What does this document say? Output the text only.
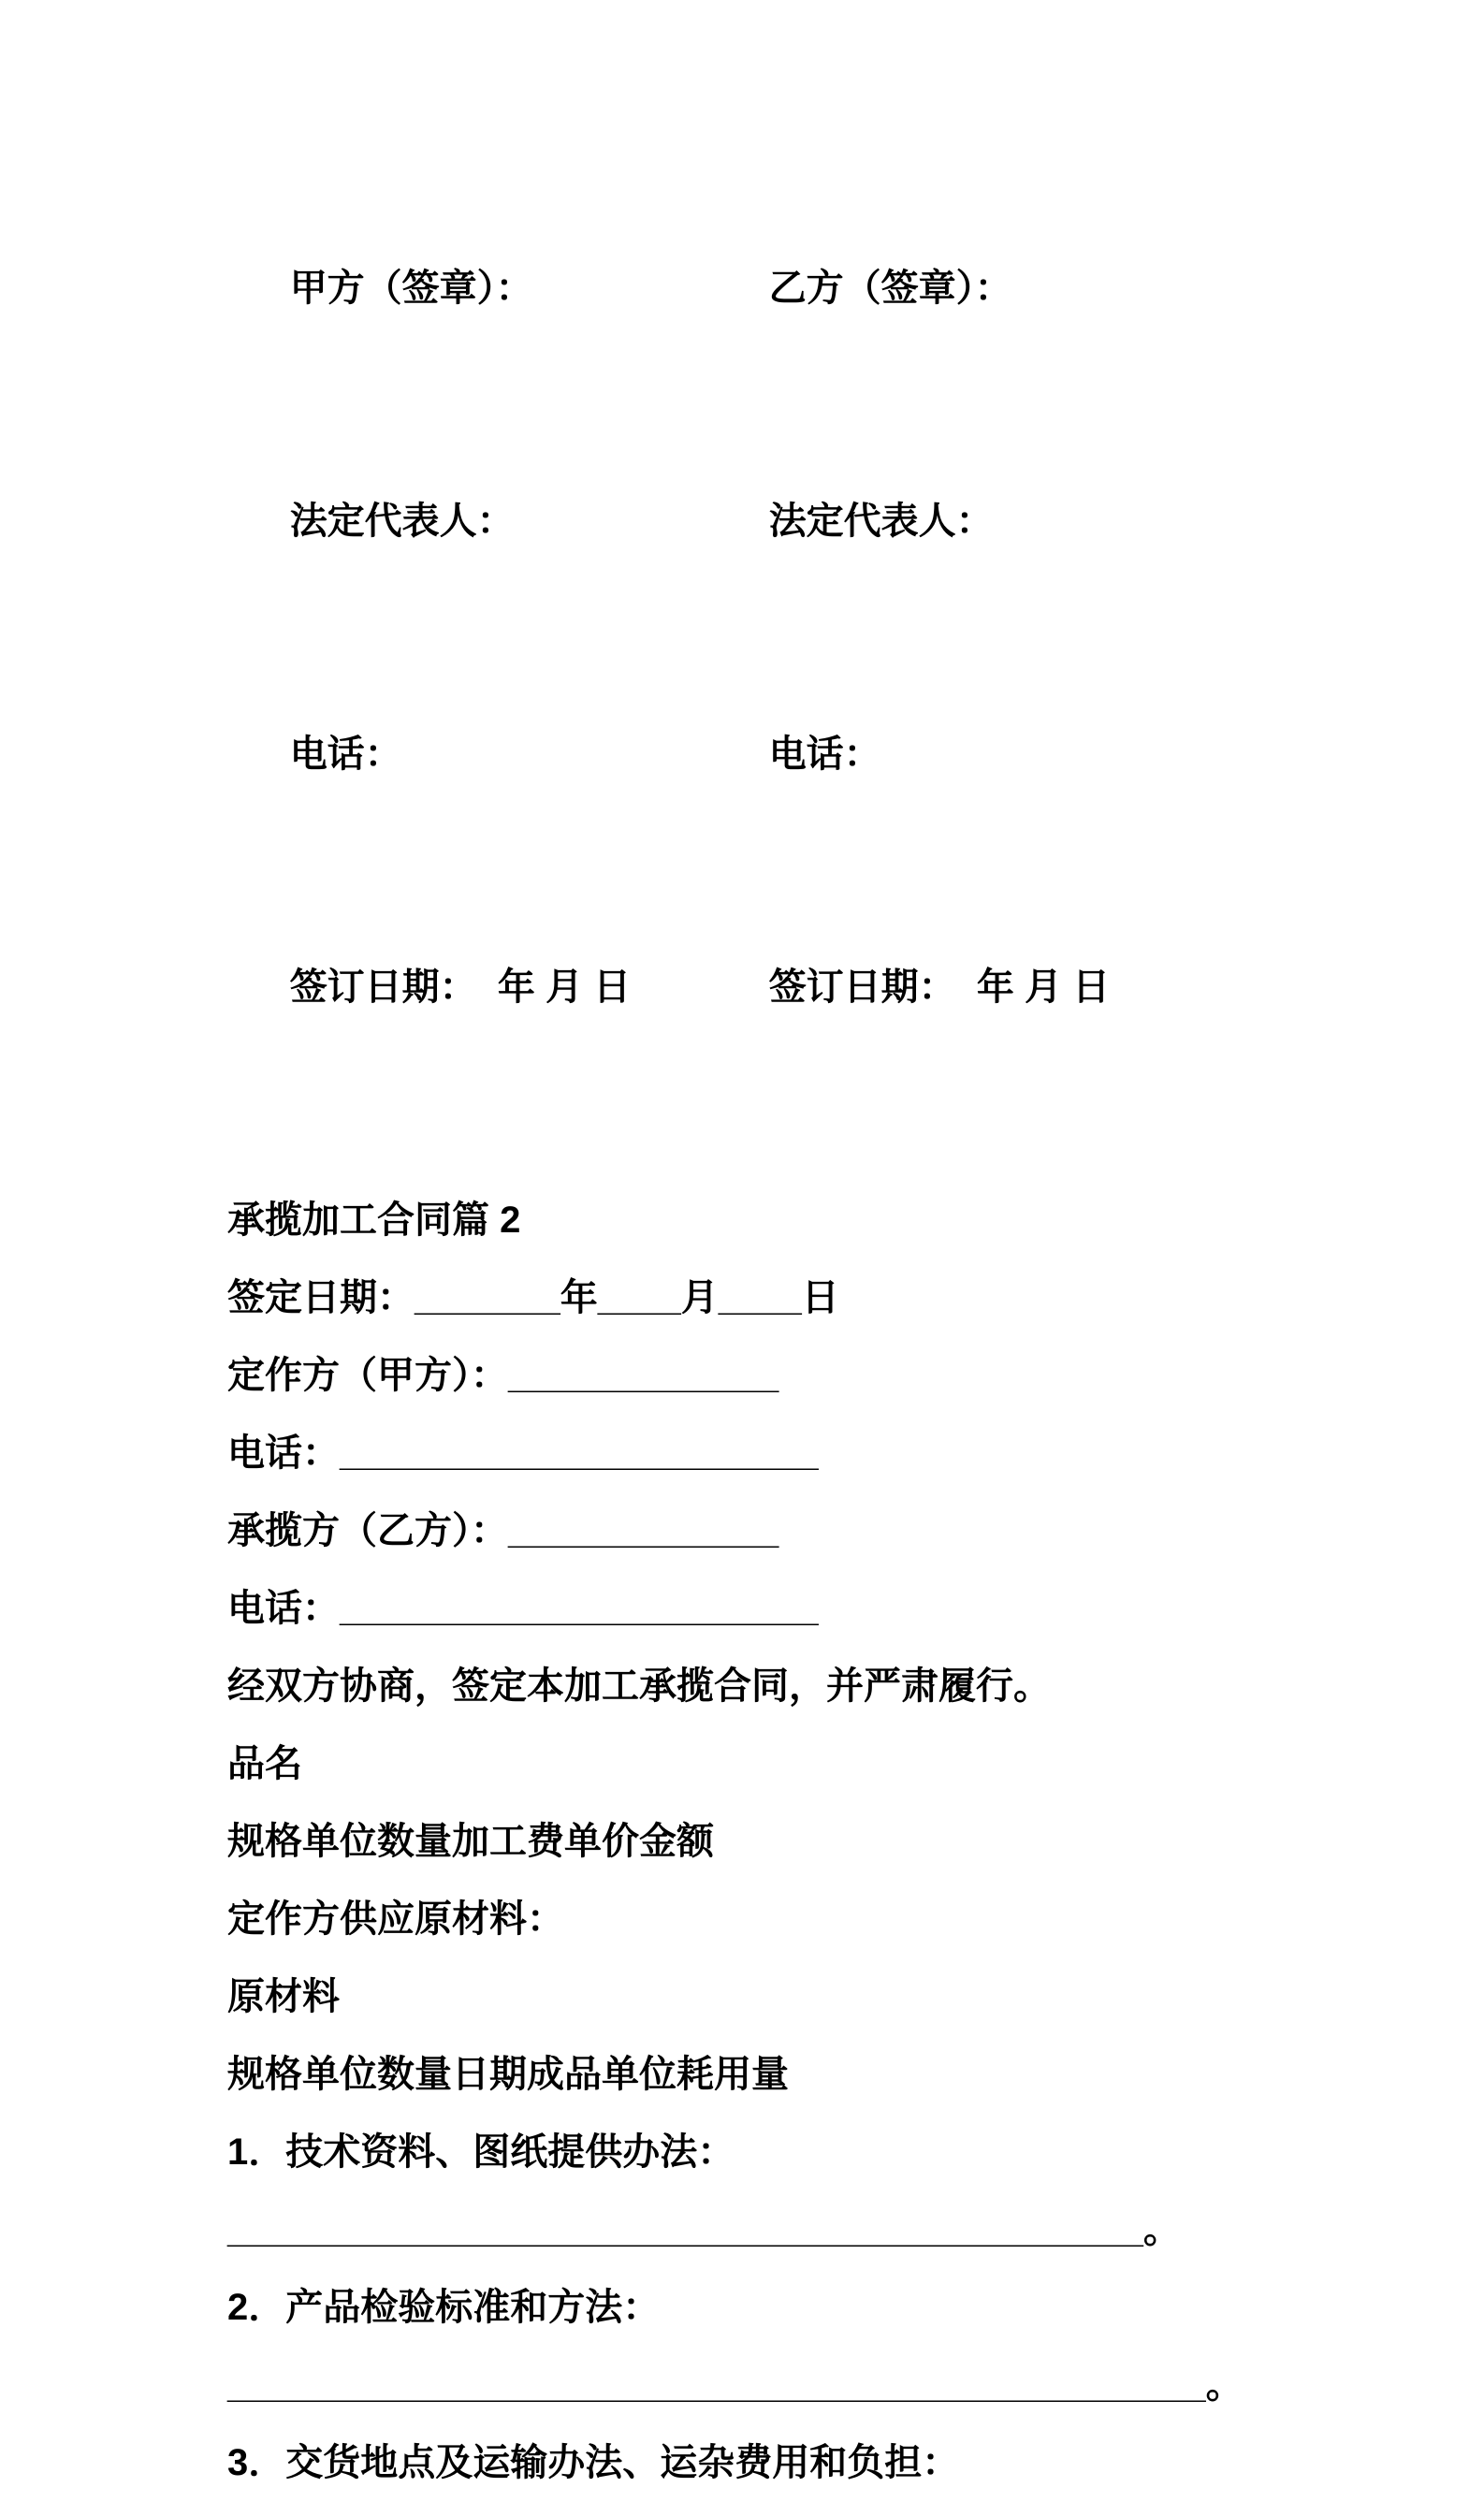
甲方（签章）：	乙方（签章）：

法定代表人：	法定代表人：

电话：	电话：

签订日期：  年 月 日	签订日期：  年 月 日

承揽加工合同篇 2
签定日期：_______年____月____日
定作方（甲方）：_____________
电话：_______________________
承揽方（乙方）：_____________
电话：_______________________
经双方协商，签定本加工承揽合同，并严肃履行。
品名
规格单位数量加工费单价金额
定作方供应原材料：
原材料
规格单位数量日期成品单位耗用量
1．技术资料、图纸提供办法：
____________________________________________。
2．产品检验标准和方法：
_______________________________________________。
3．交货地点及运输办法、运杂费用和负担：
